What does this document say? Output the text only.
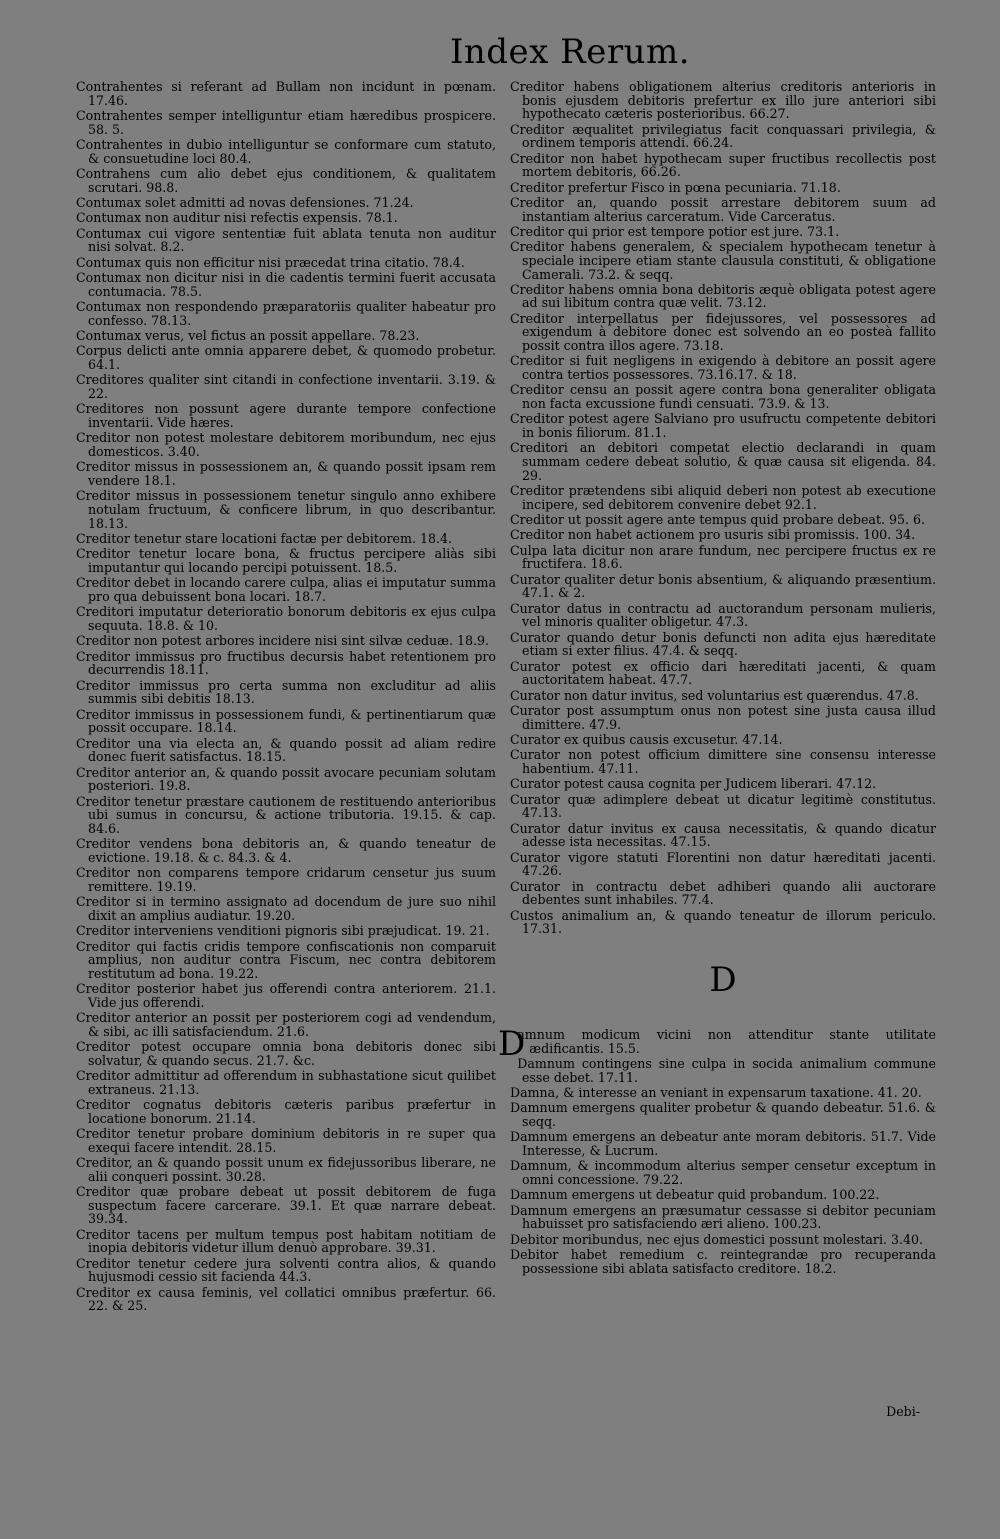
Index Rerum.

Contrahentes si referant ad Bullam non incidunt in pœnam. 17.46.

Contrahentes semper intelliguntur etiam hæredibus prospicere. 58. 5.

Contrahentes in dubio intelliguntur se conformare cum statuto, & consuetudine loci 80.4.

Contrahens cum alio debet ejus conditionem, & qualitatem scrutari. 98.8.

Contumax solet admitti ad novas defensiones. 71.24.

Contumax non auditur nisi refectis expensis. 78.1.

Contumax cui vigore sententiæ fuit ablata tenuta non auditur nisi solvat. 8.2.

Contumax quis non efficitur nisi præcedat trina citatio. 78.4.

Contumax non dicitur nisi in die cadentis termini fuerit accusata contumacia. 78.5.

Contumax non respondendo præparatoriis qualiter habeatur pro confesso. 78.13.

Contumax verus, vel fictus an possit appellare. 78.23.

Corpus delicti ante omnia apparere debet, & quomodo probetur. 64.1.

Creditores qualiter sint citandi in confectione inventarii. 3.19. & 22.

Creditores non possunt agere durante tempore confectione inventarii. Vide hæres.

Creditor non potest molestare debitorem moribundum, nec ejus domesticos. 3.40.

Creditor missus in possessionem an, & quando possit ipsam rem vendere 18.1.

Creditor missus in possessionem tenetur singulo anno exhibere notulam fructuum, & conficere librum, in quo describantur. 18.13.

Creditor tenetur stare locationi factæ per debitorem. 18.4.

Creditor tenetur locare bona, & fructus percipere aliàs sibi imputantur qui locando percipi potuissent. 18.5.

Creditor debet in locando carere culpa, alias ei imputatur summa pro qua debuissent bona locari. 18.7.

Creditori imputatur deterioratio bonorum debitoris ex ejus culpa sequuta. 18.8. & 10.

Creditor non potest arbores incidere nisi sint silvæ ceduæ. 18.9.

Creditor immissus pro fructibus decursis habet retentionem pro decurrendis 18.11.

Creditor immissus pro certa summa non excluditur ad aliis summis sibi debitis 18.13.

Creditor immissus in possessionem fundi, & pertinentiarum quæ possit occupare. 18.14.

Creditor una via electa an, & quando possit ad aliam redire donec fuerit satisfactus. 18.15.

Creditor anterior an, & quando possit avocare pecuniam solutam posteriori. 19.8.

Creditor tenetur præstare cautionem de restituendo anterioribus ubi sumus in concursu, & actione tributoria. 19.15. & cap. 84.6.

Creditor vendens bona debitoris an, & quando teneatur de evictione. 19.18. & c. 84.3. & 4.

Creditor non comparens tempore cridarum censetur jus suum remittere. 19.19.

Creditor si in termino assignato ad docendum de jure suo nihil dixit an amplius audiatur. 19.20.

Creditor interveniens venditioni pignoris sibi præjudicat. 19. 21.

Creditor qui factis cridis tempore confiscationis non comparuit amplius, non auditur contra Fiscum, nec contra debitorem restitutum ad bona. 19.22.

Creditor posterior habet jus offerendi contra anteriorem. 21.1. Vide jus offerendi.

Creditor anterior an possit per posteriorem cogi ad vendendum, & sibi, ac illi satisfaciendum. 21.6.

Creditor potest occupare omnia bona debitoris donec sibi solvatur, & quando secus. 21.7. &c.

Creditor admittitur ad offerendum in subhastatione sicut quilibet extraneus. 21.13.

Creditor cognatus debitoris cæteris paribus præfertur in locatione bonorum. 21.14.

Creditor tenetur probare dominium debitoris in re super qua exequi facere intendit. 28.15.

Creditor, an & quando possit unum ex fidejussoribus liberare, ne alii conqueri possint. 30.28.

Creditor quæ probare debeat ut possit debitorem de fuga suspectum facere carcerare. 39.1. Et quæ narrare debeat. 39.34.

Creditor tacens per multum tempus post habitam notitiam de inopia debitoris videtur illum denuò approbare. 39.31.

Creditor tenetur cedere jura solventi contra alios, & quando hujusmodi cessio sit facienda 44.3.

Creditor ex causa feminis, vel collatici omnibus præfertur. 66. 22. & 25.

Creditor habens obligationem alterius creditoris anterioris in bonis ejusdem debitoris prefertur ex illo jure anteriori sibi hypothecato cæteris posterioribus. 66.27.

Creditor æqualitet privilegiatus facit conquassari privilegia, & ordinem temporis attendi. 66.24.

Creditor non habet hypothecam super fructibus recollectis post mortem debitoris, 66.26.

Creditor prefertur Fisco in pœna pecuniaria. 71.18.

Creditor an, quando possit arrestare debitorem suum ad instantiam alterius carceratum. Vide Carceratus.

Creditor qui prior est tempore potior est jure. 73.1.

Creditor habens generalem, & specialem hypothecam tenetur à speciale incipere etiam stante clausula constituti, & obligatione Camerali. 73.2. & seqq.

Creditor habens omnia bona debitoris æquè obligata potest agere ad sui libitum contra quæ velit. 73.12.

Creditor interpellatus per fidejussores, vel possessores ad exigendum à debitore donec est solvendo an eo posteà fallito possit contra illos agere. 73.18.

Creditor si fuit negligens in exigendo à debitore an possit agere contra tertios possessores. 73.16.17. & 18.

Creditor censu an possit agere contra bona generaliter obligata non facta excussione fundi censuati. 73.9. & 13.

Creditor potest agere Salviano pro usufructu competente debitori in bonis filiorum. 81.1.

Creditori an debitori competat electio declarandi in quam summam cedere debeat solutio, & quæ causa sit eligenda. 84. 29.

Creditor prætendens sibi aliquid deberi non potest ab executione incipere, sed debitorem convenire debet 92.1.

Creditor ut possit agere ante tempus quid probare debeat. 95. 6.

Creditor non habet actionem pro usuris sibi promissis. 100. 34.

Culpa lata dicitur non arare fundum, nec percipere fructus ex re fructifera. 18.6.

Curator qualiter detur bonis absentium, & aliquando præsentium. 47.1. & 2.

Curator datus in contractu ad auctorandum personam mulieris, vel minoris qualiter obligetur. 47.3.

Curator quando detur bonis defuncti non adita ejus hæreditate etiam si exter filius. 47.4. & seqq.

Curator potest ex officio dari hæreditati jacenti, & quam auctoritatem habeat. 47.7.

Curator non datur invitus, sed voluntarius est quærendus. 47.8.

Curator post assumptum onus non potest sine justa causa illud dimittere. 47.9.

Curator ex quibus causis excusetur. 47.14.

Curator non potest officium dimittere sine consensu interesse habentium. 47.11.

Curator potest causa cognita per Judicem liberari. 47.12.

Curator quæ adimplere debeat ut dicatur legitimè constitutus. 47.13.

Curator datur invitus ex causa necessitatis, & quando dicatur adesse ista necessitas. 47.15.

Curator vigore statuti Florentini non datur hæreditati jacenti. 47.26.

Curator in contractu debet adhiberi quando alii auctorare debentes sunt inhabiles. 77.4.

Custos animalium an, & quando teneatur de illorum periculo. 17.31.

D

Damnum modicum vicini non attenditur stante utilitate ædificantis. 15.5.

Damnum contingens sine culpa in socida animalium commune esse debet. 17.11.

Damna, & interesse an veniant in expensarum taxatione. 41. 20.

Damnum emergens qualiter probetur & quando debeatur. 51.6. & seqq.

Damnum emergens an debeatur ante moram debitoris. 51.7. Vide Interesse, & Lucrum.

Damnum, & incommodum alterius semper censetur exceptum in omni concessione. 79.22.

Damnum emergens ut debeatur quid probandum. 100.22.

Damnum emergens an præsumatur cessasse si debitor pecuniam habuisset pro satisfaciendo æri alieno. 100.23.

Debitor moribundus, nec ejus domestici possunt molestari. 3.40.

Debitor habet remedium c. reintegrandæ pro recuperanda possessione sibi ablata satisfacto creditore. 18.2.

Debi-
